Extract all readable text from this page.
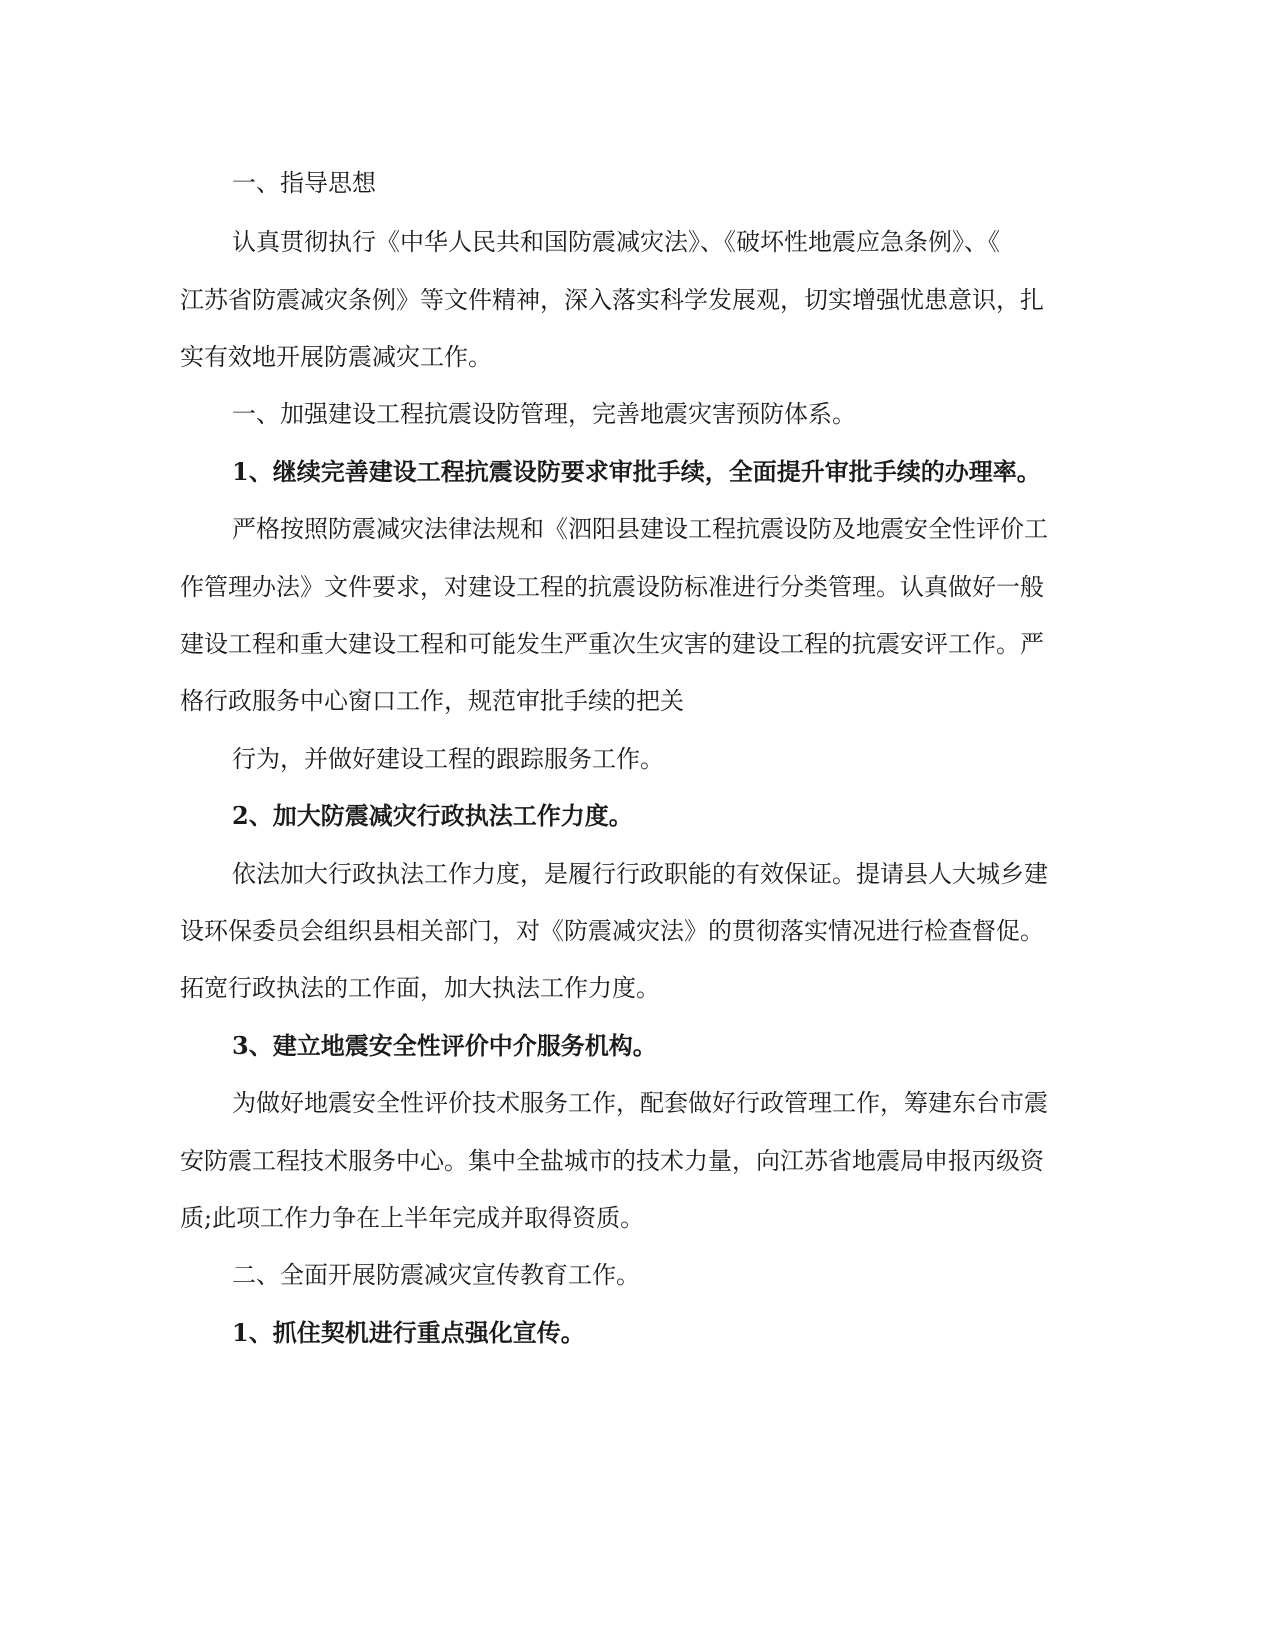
一、指导思想
认真贯彻执行《中华人民共和国防震减灾法》、《破坏性地震应急条例》、《
江苏省防震减灾条例》等文件精神，深入落实科学发展观，切实增强忧患意识，扎
实有效地开展防震减灾工作。
一、加强建设工程抗震设防管理，完善地震灾害预防体系。
1、继续完善建设工程抗震设防要求审批手续，全面提升审批手续的办理率。
严格按照防震减灾法律法规和《泗阳县建设工程抗震设防及地震安全性评价工
作管理办法》文件要求，对建设工程的抗震设防标准进行分类管理。认真做好一般
建设工程和重大建设工程和可能发生严重次生灾害的建设工程的抗震安评工作。严
格行政服务中心窗口工作，规范审批手续的把关
行为，并做好建设工程的跟踪服务工作。
2、加大防震减灾行政执法工作力度。
依法加大行政执法工作力度，是履行行政职能的有效保证。提请县人大城乡建
设环保委员会组织县相关部门，对《防震减灾法》的贯彻落实情况进行检查督促。
拓宽行政执法的工作面，加大执法工作力度。
3、建立地震安全性评价中介服务机构。
为做好地震安全性评价技术服务工作，配套做好行政管理工作，筹建东台市震
安防震工程技术服务中心。集中全盐城市的技术力量，向江苏省地震局申报丙级资
质;此项工作力争在上半年完成并取得资质。
二、全面开展防震减灾宣传教育工作。
1、抓住契机进行重点强化宣传。
